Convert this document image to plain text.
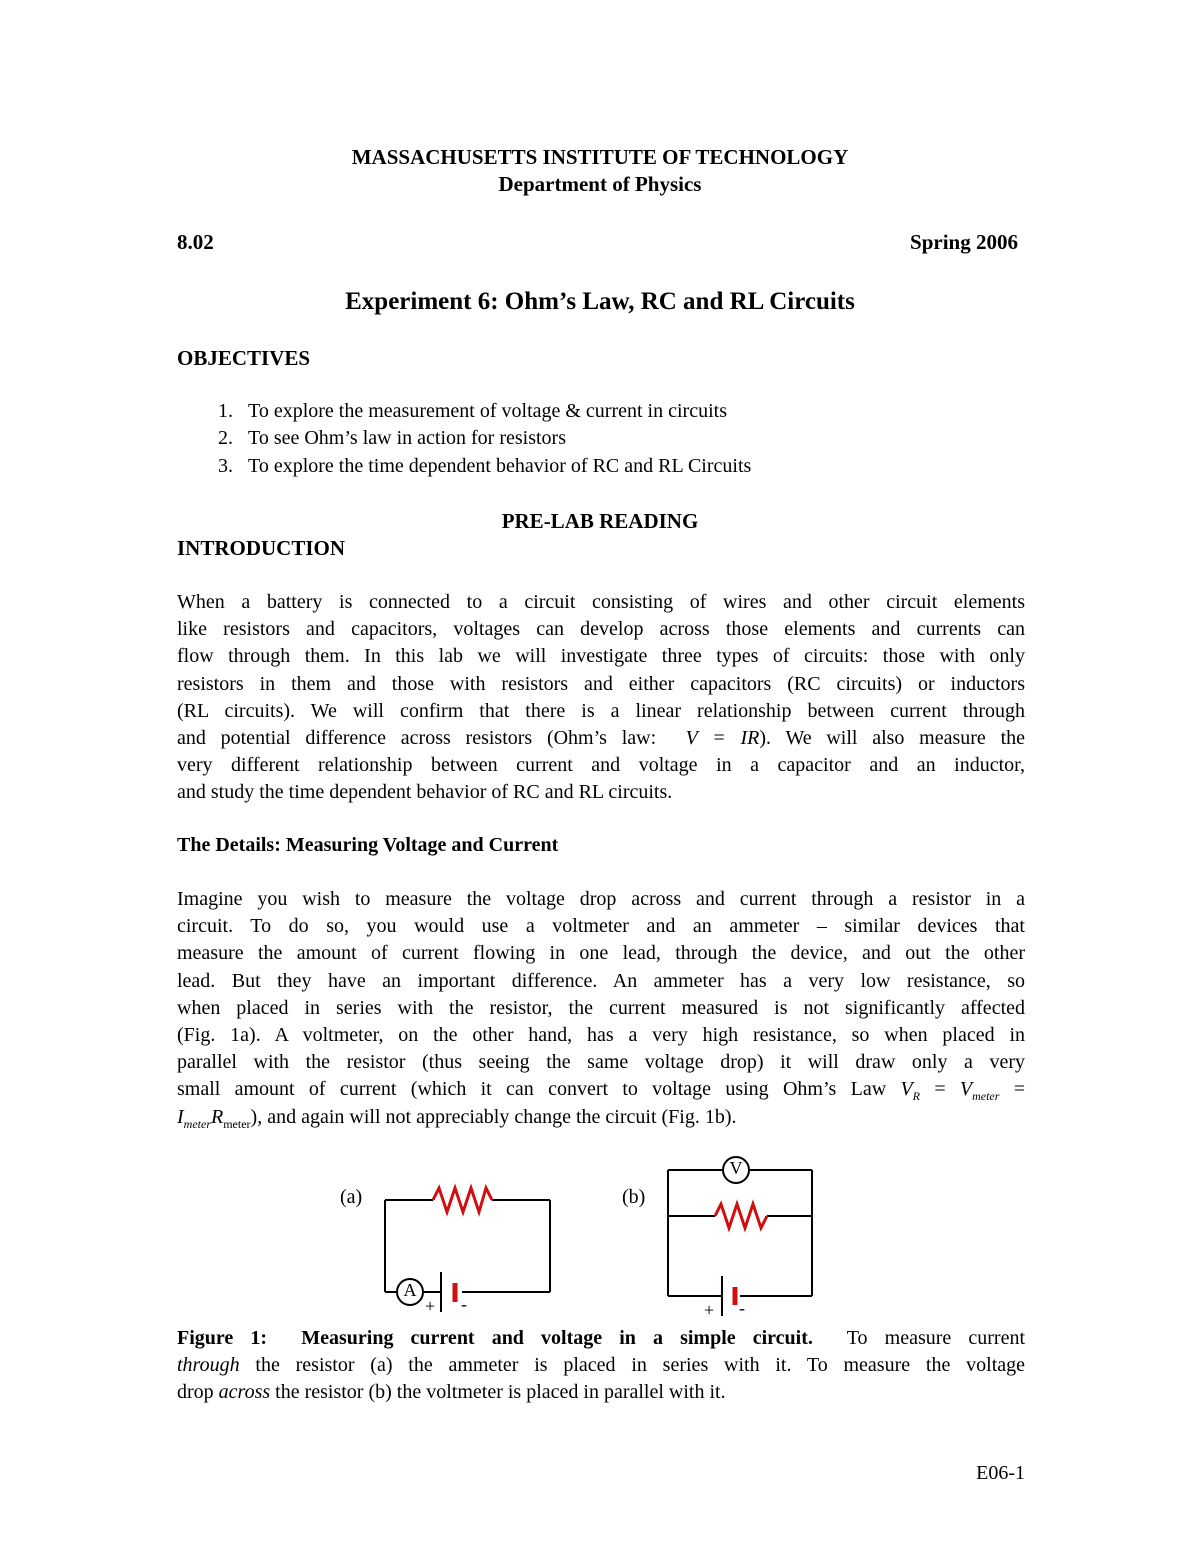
MASSACHUSETTS INSTITUTE OF TECHNOLOGY
Department of Physics
8.02	Spring 2006
Experiment 6: Ohm’s Law, RC and RL Circuits
OBJECTIVES
1. To explore the measurement of voltage & current in circuits
2. To see Ohm’s law in action for resistors
3. To explore the time dependent behavior of RC and RL Circuits
PRE-LAB READING
INTRODUCTION
When a battery is connected to a circuit consisting of wires and other circuit elements
like resistors and capacitors, voltages can develop across those elements and currents can
flow through them. In this lab we will investigate three types of circuits: those with only
resistors in them and those with resistors and either capacitors (RC circuits) or inductors
(RL circuits). We will confirm that there is a linear relationship between current through
and potential difference across resistors (Ohm’s law: V = IR). We will also measure the
very different relationship between current and voltage in a capacitor and an inductor,
and study the time dependent behavior of RC and RL circuits.
The Details: Measuring Voltage and Current
Imagine you wish to measure the voltage drop across and current through a resistor in a
circuit. To do so, you would use a voltmeter and an ammeter – similar devices that
measure the amount of current flowing in one lead, through the device, and out the other
lead. But they have an important difference. An ammeter has a very low resistance, so
when placed in series with the resistor, the current measured is not significantly affected
(Fig. 1a). A voltmeter, on the other hand, has a very high resistance, so when placed in
parallel with the resistor (thus seeing the same voltage drop) it will draw only a very
small amount of current (which it can convert to voltage using Ohm’s Law $V_R = V_{meter}$ =
$I_{meter}R_{meter}$), and again will not appreciably change the circuit (Fig. 1b).
(a)	(b)
A
+ -
V
+ -
Figure 1: Measuring current and voltage in a simple circuit. To measure current
through the resistor (a) the ammeter is placed in series with it. To measure the voltage
drop across the resistor (b) the voltmeter is placed in parallel with it.
E06-1
